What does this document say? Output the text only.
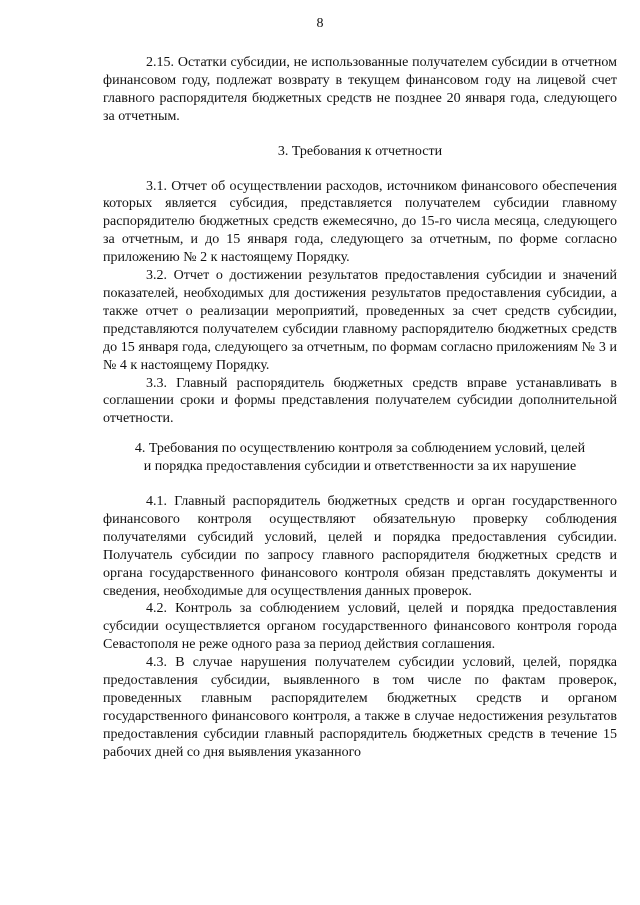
8

2.15. Остатки субсидии, не использованные получателем субсидии в отчетном финансовом году, подлежат возврату в текущем финансовом году на лицевой счет главного распорядителя бюджетных средств не позднее 20 января года, следующего за отчетным.

3. Требования к отчетности

3.1. Отчет об осуществлении расходов, источником финансового обеспечения которых является субсидия, представляется получателем субсидии главному распорядителю бюджетных средств ежемесячно, до 15-го числа месяца, следующего за отчетным, и до 15 января года, следующего за отчетным, по форме согласно приложению № 2 к настоящему Порядку.

3.2. Отчет о достижении результатов предоставления субсидии и значений показателей, необходимых для достижения результатов предоставления субсидии, а также отчет о реализации мероприятий, проведенных за счет средств субсидии, представляются получателем субсидии главному распорядителю бюджетных средств до 15 января года, следующего за отчетным, по формам согласно приложениям № 3 и № 4 к настоящему Порядку.

3.3. Главный распорядитель бюджетных средств вправе устанавливать в соглашении сроки и формы представления получателем субсидии дополнительной отчетности.

4. Требования по осуществлению контроля за соблюдением условий, целей
и порядка предоставления субсидии и ответственности за их нарушение

4.1. Главный распорядитель бюджетных средств и орган государственного финансового контроля осуществляют обязательную проверку соблюдения получателями субсидий условий, целей и порядка предоставления субсидии. Получатель субсидии по запросу главного распорядителя бюджетных средств и органа государственного финансового контроля обязан представлять документы и сведения, необходимые для осуществления данных проверок.

4.2. Контроль за соблюдением условий, целей и порядка предоставления субсидии осуществляется органом государственного финансового контроля города Севастополя не реже одного раза за период действия соглашения.

4.3. В случае нарушения получателем субсидии условий, целей, порядка предоставления субсидии, выявленного в том числе по фактам проверок, проведенных главным распорядителем бюджетных средств и органом государственного финансового контроля, а также в случае недостижения результатов предоставления субсидии главный распорядитель бюджетных средств в течение 15 рабочих дней со дня выявления указанного
